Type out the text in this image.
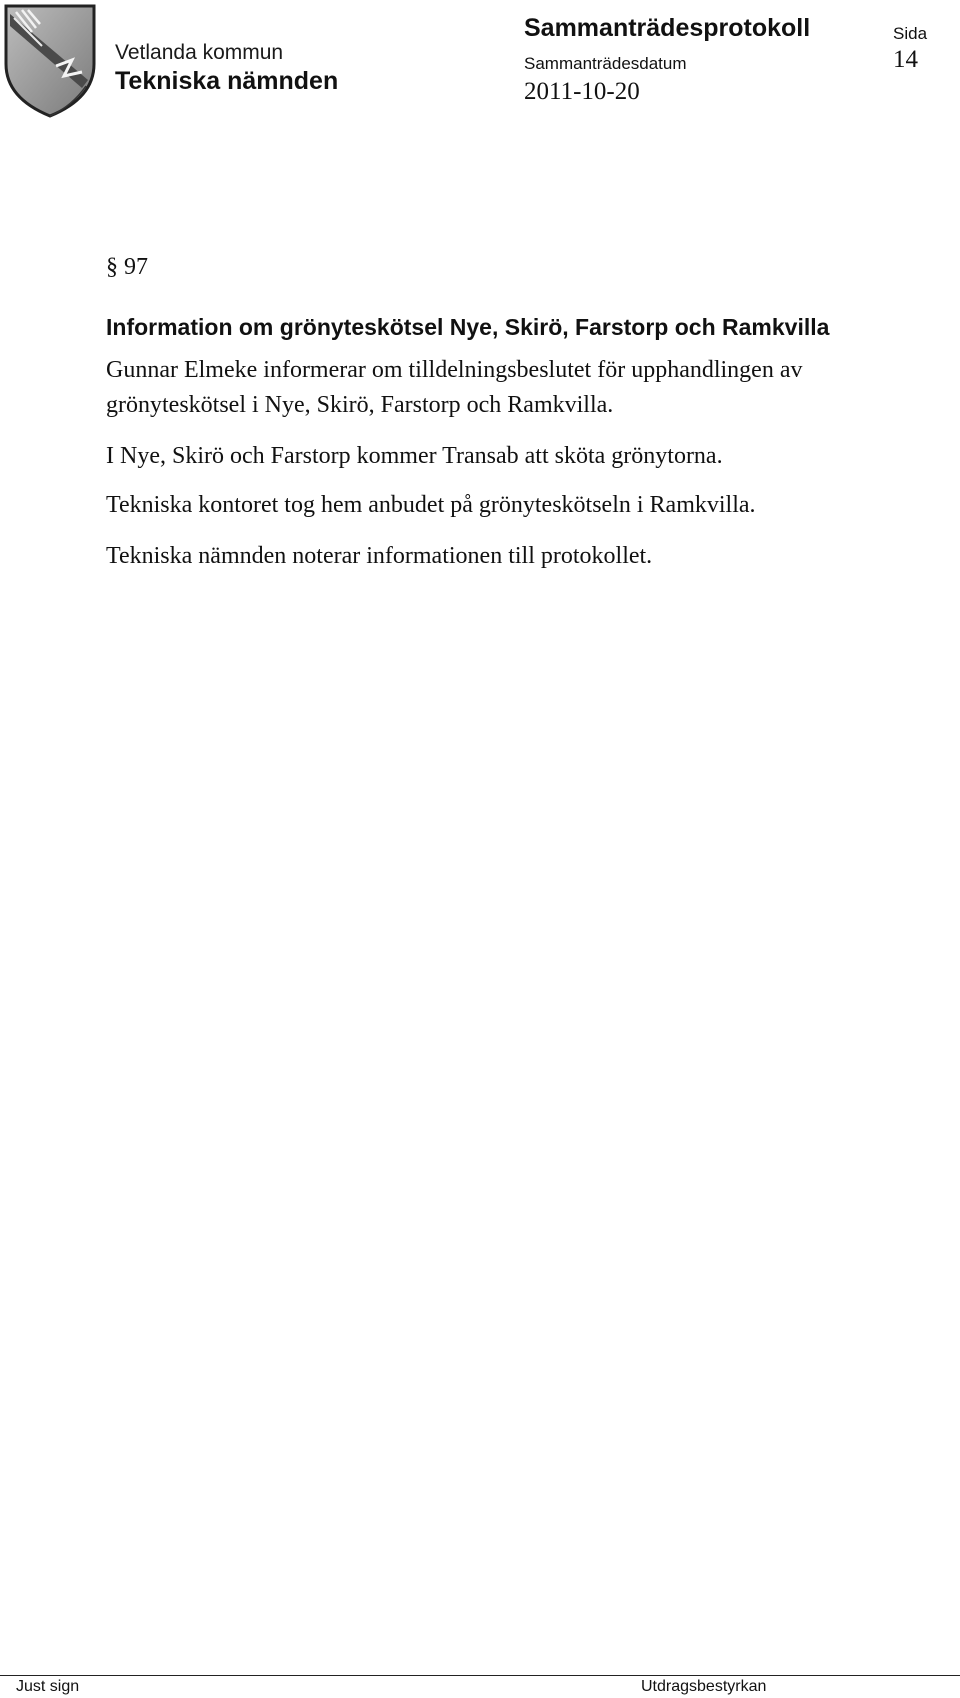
Vetlanda kommun
Tekniska nämnden
Sammanträdesprotokoll
Sammanträdesdatum
2011-10-20
Sida
14
§ 97
Information om grönyteskötsel Nye, Skirö, Farstorp och Ramkvilla
Gunnar Elmeke informerar om tilldelningsbeslutet för upphandlingen av
grönyteskötsel i Nye, Skirö, Farstorp och Ramkvilla.
I Nye, Skirö och Farstorp kommer Transab att sköta grönytorna.
Tekniska kontoret tog hem anbudet på grönyteskötseln i Ramkvilla.
Tekniska nämnden noterar informationen till protokollet.
Just sign	Utdragsbestyrkan
